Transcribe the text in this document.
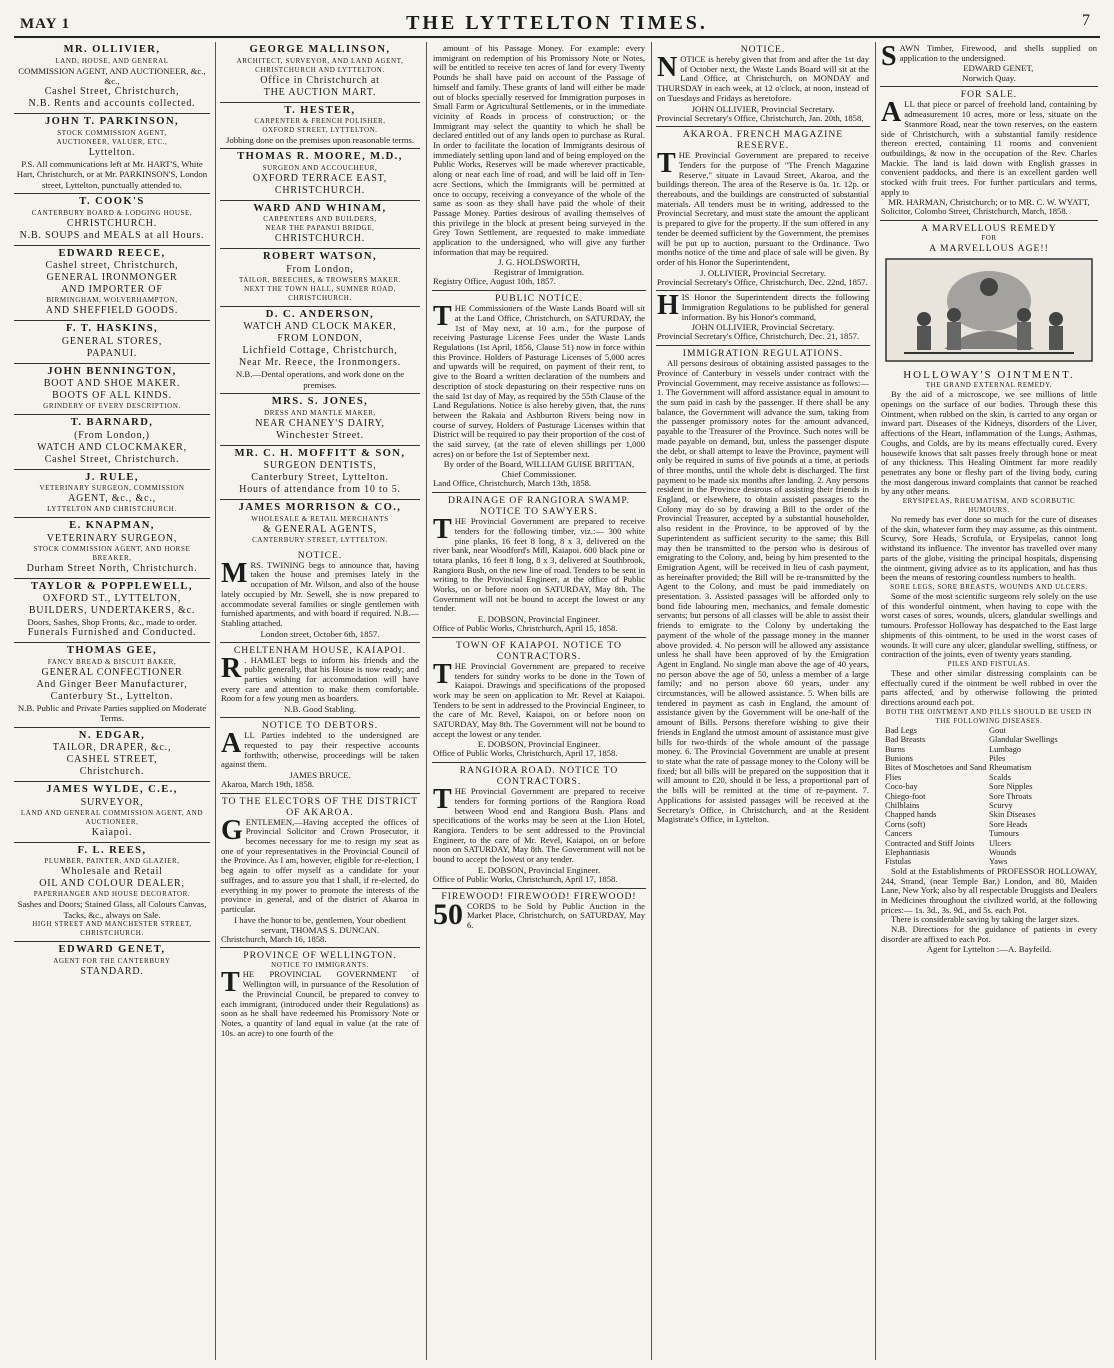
MAY 1	THE LYTTELTON TIMES.	7
MR. OLLIVIER,
LAND, HOUSE, AND GENERAL
COMMISSION AGENT, AND AUCTIONEER, &c., &c.,
Cashel Street, Christchurch,
N.B. Rents and accounts collected.
JOHN T. PARKINSON,
STOCK COMMISSION AGENT,
AUCTIONEER, VALUER, ETC.,
Lyttelton.
P.S. All communications left at Mr. HART'S, White Hart, Christchurch, or at Mr. PARKINSON'S, London street, Lyttelton, punctually attended to.
T. COOK'S
CANTERBURY BOARD & LODGING HOUSE,
CHRISTCHURCH.
N.B. SOUPS and MEALS at all Hours.
EDWARD REECE,
Cashel street, Christchurch,
GENERAL IRONMONGER
AND IMPORTER OF
BIRMINGHAM, WOLVERHAMPTON,
AND SHEFFIELD GOODS.
F. T. HASKINS,
GENERAL STORES,
PAPANUI.
JOHN BENNINGTON,
BOOT AND SHOE MAKER.
BOOTS OF ALL KINDS.
GRINDERY OF EVERY DESCRIPTION.
T. BARNARD,
(From London,)
WATCH AND CLOCKMAKER,
Cashel Street, Christchurch.
J. RULE,
VETERINARY SURGEON, COMMISSION
AGENT, &c., &c.,
LYTTELTON AND CHRISTCHURCH.
E. KNAPMAN,
VETERINARY SURGEON,
STOCK COMMISSION AGENT, AND HORSE BREAKER,
Durham Street North, Christchurch.
TAYLOR & POPPLEWELL,
OXFORD ST., LYTTELTON,
BUILDERS, UNDERTAKERS, &c.
Doors, Sashes, Shop Fronts, &c., made to order.
Funerals Furnished and Conducted.
THOMAS GEE,
FANCY BREAD & BISCUIT BAKER,
GENERAL CONFECTIONER
And Ginger Beer Manufacturer,
Canterbury St., Lyttelton.
N.B. Public and Private Parties supplied on Moderate Terms.
N. EDGAR,
TAILOR, DRAPER, &c.,
CASHEL STREET,
Christchurch.
JAMES WYLDE, C.E.,
SURVEYOR,
LAND AND GENERAL COMMISSION AGENT, AND AUCTIONEER,
Kaiapoi.
F. L. REES,
PLUMBER, PAINTER, AND GLAZIER,
Wholesale and Retail
OIL AND COLOUR DEALER,
PAPERHANGER AND HOUSE DECORATOR.
Sashes and Doors; Stained Glass, all Colours Canvas, Tacks, &c., always on Sale.
HIGH STREET AND MANCHESTER STREET, CHRISTCHURCH.
EDWARD GENET,
AGENT FOR THE CANTERBURY
STANDARD.
GEORGE MALLINSON,
ARCHITECT, SURVEYOR, AND LAND AGENT,
CHRISTCHURCH AND LYTTELTON.
Office in Christchurch at
THE AUCTION MART.
T. HESTER,
CARPENTER & FRENCH POLISHER,
OXFORD STREET, LYTTELTON.
Jobbing done on the premises upon reasonable terms.
THOMAS R. MOORE, M.D.,
SURGEON AND ACCOUCHEUR,
OXFORD TERRACE EAST,
CHRISTCHURCH.
WARD AND WHINAM,
CARPENTERS AND BUILDERS,
NEAR THE PAPANUI BRIDGE,
CHRISTCHURCH.
ROBERT WATSON,
From London,
TAILOR, BREECHES, & TROWSERS MAKER.
NEXT THE TOWN HALL, SUMNER ROAD, CHRISTCHURCH.
D. C. ANDERSON,
WATCH AND CLOCK MAKER,
FROM LONDON,
Lichfield Cottage, Christchurch,
Near Mr. Reece, the Ironmongers.
N.B.—Dental operations, and work done on the premises.
MRS. S. JONES,
DRESS AND MANTLE MAKER,
NEAR CHANEY'S DAIRY,
Winchester Street.
MR. C. H. MOFFITT & SON,
SURGEON DENTISTS,
Canterbury Street, Lyttelton.
Hours of attendance from 10 to 5.
JAMES MORRISON & CO.,
WHOLESALE & RETAIL MERCHANTS
& GENERAL AGENTS,
CANTERBURY STREET, LYTTELTON.
NOTICE.

MRS. TWINING begs to announce that, having taken the house and premises lately in the occupation of Mr. Wilson, and also of the house lately occupied by Mr. Sewell, she is now prepared to accommodate several families or single gentlemen with furnished apartments, and with board if required. N.B.—Stabling attached.

London street, October 6th, 1857.
CHELTENHAM HOUSE, KAIAPOI.

R . HAMLET begs to inform his friends and the public generally, that his House is now ready; and parties wishing for accommodation will have every care and attention to make them comfortable. Room for a few young men as boarders.

N.B. Good Stabling.
NOTICE TO DEBTORS.

ALL Parties indebted to the undersigned are requested to pay their respective accounts forthwith; otherwise, proceedings will be taken against them.

JAMES BRUCE.
Akaroa, March 19th, 1858.
TO THE ELECTORS OF THE DISTRICT OF AKAROA.

GENTLEMEN,—Having accepted the offices of Provincial Solicitor and Crown Prosecutor, it becomes necessary for me to resign my seat as one of your representatives in the Provincial Council of the Province. As I am, however, eligible for re-election, I beg again to offer myself as a candidate for your suffrages, and to assure you that I shall, if re-elected, do everything in my power to promote the interests of the province in general, and of the district of Akaroa in particular.

I have the honor to be, gentlemen, Your obedient servant, THOMAS S. DUNCAN.
Christchurch, March 16, 1858.
PROVINCE OF WELLINGTON.
NOTICE TO IMMIGRANTS.

THE PROVINCIAL GOVERNMENT of Wellington will, in pursuance of the Resolution of the Provincial Council, be prepared to convey to each immigrant, (introduced under their Regulations) as soon as he shall have redeemed his Promissory Note or Notes, a quantity of land equal in value (at the rate of 10s. an acre) to one fourth of the

amount of his Passage Money. For example: every immigrant on redemption of his Promissory Note or Notes, will be entitled to receive ten acres of land for every Twenty Pounds he shall have paid on account of the Passage of himself and family. These grants of land will either be made out of blocks specially reserved for Immigration purposes in Small Farm or Agricultural Settlements, or in the immediate vicinity of Roads in process of construction; or the Immigrant may select the quantity to which he shall be declared entitled out of any lands open to purchase as Rural. In order to facilitate the location of Immigrants desirous of immediately settling upon land and of being employed on the Public Works, Reserves will be made wherever practicable, along or near each line of road, and will be laid off in Ten-acre Sections, which the Immigrants will be permitted at once to occupy, receiving a conveyance of the whole of the same as soon as they shall have paid the whole of their Passage Money. Parties desirous of availing themselves of this privilege in the block at present being surveyed in the Grey Town Settlement, are requested to make immediate application to the undersigned, who will give any further information that may be required.

J. G. HOLDSWORTH,
Registrar of Immigration.
Registry Office, August 10th, 1857.
PUBLIC NOTICE.

THE Commissioners of the Waste Lands Board will sit at the Land Office, Christchurch, on SATURDAY, the 1st of May next, at 10 a.m., for the purpose of receiving Pasturage License Fees under the Waste Lands Regulations (1st April, 1856, Clause 51) now in force within this Province. Holders of Pasturage Licenses of 5,000 acres and upwards will be required, on payment of their rent, to give to the Board a written declaration of the numbers and description of stock depasturing on their respective runs on the said 1st day of May, as required by the 55th Clause of the Land Regulations. Notice is also hereby given, that, the runs between the Rakaia and Ashburton Rivers being now in course of survey, Holders of Pasturage Licenses within that District will be required to pay their proportion of the cost of the said survey, (at the rate of eleven shillings per 1,000 acres) on or before the 1st of September next.

By order of the Board, WILLIAM GUISE BRITTAN, Chief Commissioner.
Land Office, Christchurch, March 13th, 1858.
DRAINAGE OF RANGIORA SWAMP. NOTICE TO SAWYERS.

THE Provincial Government are prepared to receive tenders for the following timber, viz.:— 300 white pine planks, 16 feet 8 long, 8 x 3, delivered on the river bank, near Woodford's Mill, Kaiapoi. 600 black pine or totara planks, 16 feet 8 long, 8 x 3, delivered at Southbrook, Rangiora Bush, on the new line of road. Tenders to be sent in writing to the Provincial Engineer, at the office of Public Works, on or before noon on SATURDAY, May 8th. The Government will not be bound to accept the lowest or any tender.

E. DOBSON, Provincial Engineer.
Office of Public Works, Christchurch, April 15, 1858.
TOWN OF KAIAPOI. NOTICE TO CONTRACTORS.

THE Provincial Government are prepared to receive tenders for sundry works to be done in the Town of Kaiapoi. Drawings and specifications of the proposed work may be seen on application to Mr. Revel at Kaiapoi. Tenders to be sent in addressed to the Provincial Engineer, to the care of Mr. Revel, Kaiapoi, on or before noon on SATURDAY, May 8th. The Government will not be bound to accept the lowest or any tender.

E. DOBSON, Provincial Engineer.
Office of Public Works, Christchurch, April 17, 1858.
RANGIORA ROAD. NOTICE TO CONTRACTORS.

THE Provincial Government are prepared to receive tenders for forming portions of the Rangiora Road between Wood end and Rangiora Bush. Plans and specifications of the works may be seen at the Lion Hotel, Rangiora. Tenders to be sent addressed to the Provincial Engineer, to the care of Mr. Revel, Kaiapoi, on or before noon on SATURDAY, May 8th. The Government will not be bound to accept the lowest or any tender.

E. DOBSON, Provincial Engineer.
Office of Public Works, Christchurch, April 17, 1858.
FIREWOOD! FIREWOOD! FIREWOOD!

50 CORDS to be Sold by Public Auction in the Market Place, Christchurch, on SATURDAY, May 6.

NOTICE.

NOTICE is hereby given that from and after the 1st day of October next, the Waste Lands Board will sit at the Land Office, at Christchurch, on MONDAY and THURSDAY in each week, at 12 o'clock, at noon, instead of on Tuesdays and Fridays as heretofore.

JOHN OLLIVIER, Provincial Secretary.
Provincial Secretary's Office, Christchurch, Jan. 20th, 1858.
AKAROA. FRENCH MAGAZINE RESERVE.

THE Provincial Government are prepared to receive Tenders for the purpose of "The French Magazine Reserve," situate in Lavaud Street, Akaroa, and the buildings thereon. The area of the Reserve is 0a. 1r. 12p. or thereabouts, and the buildings are constructed of substantial materials. All tenders must be in writing, addressed to the Provincial Secretary, and must state the amount the applicant is prepared to give for the property. If the sum offered in any tender be deemed sufficient by the Government, the premises will be put up to auction, pursuant to the Ordinance. Two months notice of the time and place of sale will be given. By order of his Honor the Superintendent,

J. OLLIVIER, Provincial Secretary.
Provincial Secretary's Office, Christchurch, Dec. 22nd, 1857.

HIS Honor the Superintendent directs the following Immigration Regulations to be published for general information. By his Honor's command,

JOHN OLLIVIER, Provincial Secretary.
Provincial Secretary's Office, Christchurch, Dec. 21, 1857.
IMMIGRATION REGULATIONS.

All persons desirous of obtaining assisted passages to the Province of Canterbury in vessels under contract with the Provincial Government, may receive assistance as follows:— 1. The Government will afford assistance equal in amount to the sum paid in cash by the passenger. If there shall be any balance, the Government will advance the sum, taking from the passenger promissory notes for the amount advanced, payable to the Treasurer of the Province. Such notes will be made payable on demand, but, unless the passenger dispute the debt, or shall attempt to leave the Province, payment will only be required in sums of five pounds at a time, at periods of three months, until the whole debt is discharged. The first payment to be made six months after landing. 2. Any persons resident in the Province desirous of assisting their friends in England, or elsewhere, to obtain assisted passages to the Colony may do so by drawing a Bill to the order of the Provincial Treasurer, accepted by a substantial householder, also resident in the Province, to be approved of by the Superintendent as sufficient security to the same; this Bill may then be transmitted to the person who is desirous of emigrating to the Colony, and, being by him presented to the Emigration Agent, will be received in lieu of cash payment, as hereinafter provided; the Bill will be re-transmitted by the Agent to the Colony, and must be paid immediately on presentation. 3. Assisted passages will be afforded only to bond fide labouring men, mechanics, and female domestic servants; but persons of all classes will be able to assist their friends to emigrate to the Colony by undertaking the payment of the whole of the passage money in the manner above provided. 4. No person will be allowed any assistance unless he shall have been approved of by the Emigration Agent in England. No single man above the age of 40 years, no person above the age of 50, unless a member of a large family; and no person above 60 years, under any circumstances, will be allowed assistance. 5. When bills are tendered in payment as cash in England, the amount of assistance given by the Government will be one-half of the amount of Bills. Persons therefore wishing to give their friends in England the utmost amount of assistance must give bills for two-thirds of the whole amount of the passage money. 6. The Provincial Government are unable at present to state what the rate of passage money to the Colony will be fixed; but all bills will be prepared on the supposition that it will amount to £20, should it be less, a proportional part of the bills will be remitted at the time of re-payment. 7. Applications for assisted passages will be received at the Secretary's Office, in Christchurch, and at the Resident Magistrate's Office, in Lyttelton.

SAWN Timber, Firewood, and shells supplied on application to the undersigned.

EDWARD GENET,
Norwich Quay.
FOR SALE.

ALL that piece or parcel of freehold land, containing by admeasurement 10 acres, more or less, situate on the Stanmore Road, near the town reserves, on the eastern side of Christchurch, with a substantial family residence thereon erected, containing 11 rooms and convenient outbuildings, & now in the occupation of the Rev. Charles Mackie. The land is laid down with English grasses in convenient paddocks, and there is an excellent garden well stocked with fruit trees. For further particulars and terms, apply to

MR. HARMAN, Christchurch; or to MR. C. W. WYATT,
Solicitor, Colombo Street, Christchurch, March, 1858.
A MARVELLOUS REMEDY
FOR
A MARVELLOUS AGE!!
HOLLOWAY'S OINTMENT.
THE GRAND EXTERNAL REMEDY.

By the aid of a microscope, we see millions of little openings on the surface of our bodies. Through these this Ointment, when rubbed on the skin, is carried to any organ or inward part. Diseases of the Kidneys, disorders of the Liver, affections of the Heart, inflammation of the Lungs, Asthmas, Coughs, and Colds, are by its means effectually cured. Every housewife knows that salt passes freely through bone or meat of any thickness. This Healing Ointment far more readily penetrates any bone or fleshy part of the living body, curing the most dangerous inward complaints that cannot be reached by any other means.

ERYSIPELAS, RHEUMATISM, AND SCORBUTIC HUMOURS.

No remedy has ever done so much for the cure of diseases of the skin, whatever form they may assume, as this ointment. Scurvy, Sore Heads, Scrofula, or Erysipelas, cannot long withstand its influence. The inventor has travelled over many parts of the globe, visiting the principal hospitals, dispensing the ointment, giving advice as to its application, and has thus been the means of restoring countless numbers to health.

SORE LEGS, SORE BREASTS, WOUNDS AND ULCERS.

Some of the most scientific surgeons rely solely on the use of this wonderful ointment, when having to cope with the worst cases of sores, wounds, ulcers, glandular swellings and tumours. Professor Holloway has despatched to the East large shipments of this ointment, to be used in the worst cases of wounds. It will cure any ulcer, glandular swelling, stiffness, or contraction of the joints, even of twenty years standing.

PILES AND FISTULAS.

These and other similar distressing complaints can be effectually cured if the ointment be well rubbed in over the parts affected, and by otherwise following the printed directions around each pot.

BOTH THE OINTMENT AND PILLS SHOULD BE USED IN THE FOLLOWING DISEASES.
Bad Legs
Bad Breasts
Burns
Bunions
Bites of Moschetoes and Sand Flies
Coco-bay
Chiego-foot
Chilblains
Chapped hands
Corns (soft)
Cancers
Contracted and Stiff Joints
Elephantiasis
Fistulas
Gout
Glandular Swellings
Lumbago
Piles
Rheumatism
Scalds
Sore Nipples
Sore Throats
Scurvy
Skin Diseases
Sore Heads
Tumours
Ulcers
Wounds
Yaws

Sold at the Establishments of PROFESSOR HOLLOWAY, 244, Strand, (near Temple Bar,) London, and 80, Maiden Lane, New York; also by all respectable Druggists and Dealers in Medicines throughout the civilized world, at the following prices:— 1s. 3d., 3s. 9d., and 5s. each Pot.

There is considerable saving by taking the larger sizes.

N.B. Directions for the guidance of patients in every disorder are affixed to each Pot.

Agent for Lyttelton :—A. Bayfeild.
